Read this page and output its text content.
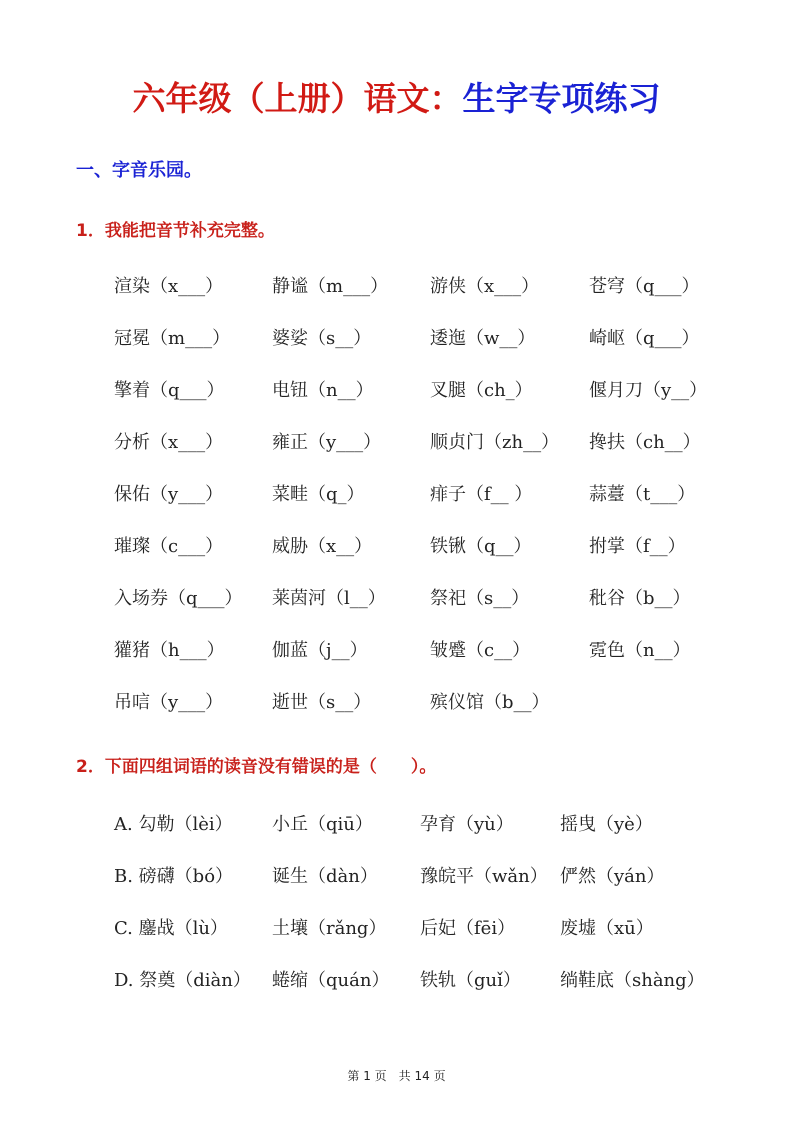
六年级（上册）语文：生字专项练习
一、字音乐园。
1．我能把音节补充完整。
渲染（x___）	静谧（m___） 游侠（x___）	苍穹（q___）
冠冕（m___） 婆娑（s__）	逶迤（w__）	崎岖（q___）
擎着（q___）	电钮（n__）	叉腿（ch_）	偃月刀（y__）
分析（x___）	雍正（y___）	顺贞门（zh__） 搀扶（ch__）
保佑（y___）	菜畦（q_）	痱子（f__ ）	蒜薹（t___）
璀璨（c___）	威胁（x__）	铁锹（q__）	拊掌（f__）
入场券（q___） 莱茵河（l__） 祭祀（s__）	秕谷（b__）
獾猪（h___）	伽蓝（j__）	皱蹙（c__）	霓色（n__）
吊唁（y___）	逝世（s__）	殡仪馆（b__）
2．下面四组词语的读音没有错误的是（　　）。
A. 勾勒（lèi） 小丘（qiū）	孕育（yù）	摇曳（yè）
B. 磅礴（bó） 诞生（dàn） 豫皖平（wǎn） 俨然（yán）
C. 鏖战（lù） 土壤（rǎng） 后妃（fēi） 废墟（xū）
D. 祭奠（diàn） 蜷缩（quán） 铁轨（guǐ） 绱鞋底（shàng）
第 1 页　共 14 页
